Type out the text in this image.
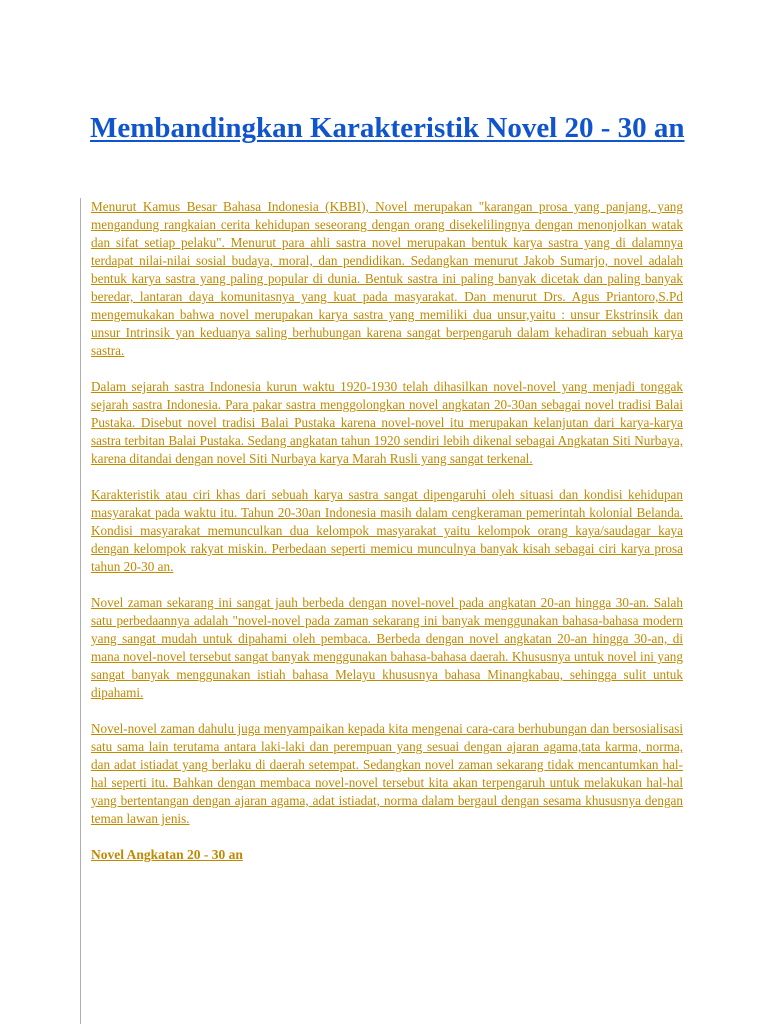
Membandingkan Karakteristik Novel 20 - 30 an

Menurut Kamus Besar Bahasa Indonesia (KBBI), Novel merupakan "karangan prosa yang panjang, yang mengandung rangkaian cerita kehidupan seseorang dengan orang disekelilingnya dengan menonjolkan watak dan sifat setiap pelaku". Menurut para ahli sastra novel merupakan bentuk karya sastra yang di dalamnya terdapat nilai-nilai sosial budaya, moral, dan pendidikan. Sedangkan menurut Jakob Sumarjo, novel adalah bentuk karya sastra yang paling popular di dunia. Bentuk sastra ini paling banyak dicetak dan paling banyak beredar, lantaran daya komunitasnya yang kuat pada masyarakat. Dan menurut Drs. Agus Priantoro,S.Pd mengemukakan bahwa novel merupakan karya sastra yang memiliki dua unsur,yaitu : unsur Ekstrinsik dan unsur Intrinsik yan keduanya saling berhubungan karena sangat berpengaruh dalam kehadiran sebuah karya sastra.

Dalam sejarah sastra Indonesia kurun waktu 1920-1930 telah dihasilkan novel-novel yang menjadi tonggak sejarah sastra Indonesia. Para pakar sastra menggolongkan novel angkatan 20-30an sebagai novel tradisi Balai Pustaka. Disebut novel tradisi Balai Pustaka karena novel-novel itu merupakan kelanjutan dari karya-karya sastra terbitan Balai Pustaka. Sedang angkatan tahun 1920 sendiri lebih dikenal sebagai Angkatan Siti Nurbaya, karena ditandai dengan novel Siti Nurbaya karya Marah Rusli yang sangat terkenal.

Karakteristik atau ciri khas dari sebuah karya sastra sangat dipengaruhi oleh situasi dan kondisi kehidupan masyarakat pada waktu itu. Tahun 20-30an Indonesia masih dalam cengkeraman pemerintah kolonial Belanda. Kondisi masyarakat memunculkan dua kelompok masyarakat yaitu kelompok orang kaya/saudagar kaya dengan kelompok rakyat miskin. Perbedaan seperti memicu munculnya banyak kisah sebagai ciri karya prosa tahun 20-30 an.

Novel zaman sekarang ini sangat jauh berbeda dengan novel-novel pada angkatan 20-an hingga 30-an. Salah satu perbedaannya adalah "novel-novel pada zaman sekarang ini banyak menggunakan bahasa-bahasa modern yang sangat mudah untuk dipahami oleh pembaca. Berbeda dengan novel angkatan 20-an hingga 30-an, di mana novel-novel tersebut sangat banyak menggunakan bahasa-bahasa daerah. Khususnya untuk novel ini yang sangat banyak menggunakan istiah bahasa Melayu khususnya bahasa Minangkabau, sehingga sulit untuk dipahami.

Novel-novel zaman dahulu juga menyampaikan kepada kita mengenai cara-cara berhubungan dan bersosialisasi satu sama lain terutama antara laki-laki dan perempuan yang sesuai dengan ajaran agama,tata karma, norma, dan adat istiadat yang berlaku di daerah setempat. Sedangkan novel zaman sekarang tidak mencantumkan hal-hal seperti itu. Bahkan dengan membaca novel-novel tersebut kita akan terpengaruh untuk melakukan hal-hal yang bertentangan dengan ajaran agama, adat istiadat, norma dalam bergaul dengan sesama khususnya dengan teman lawan jenis.

Novel Angkatan 20 - 30 an
